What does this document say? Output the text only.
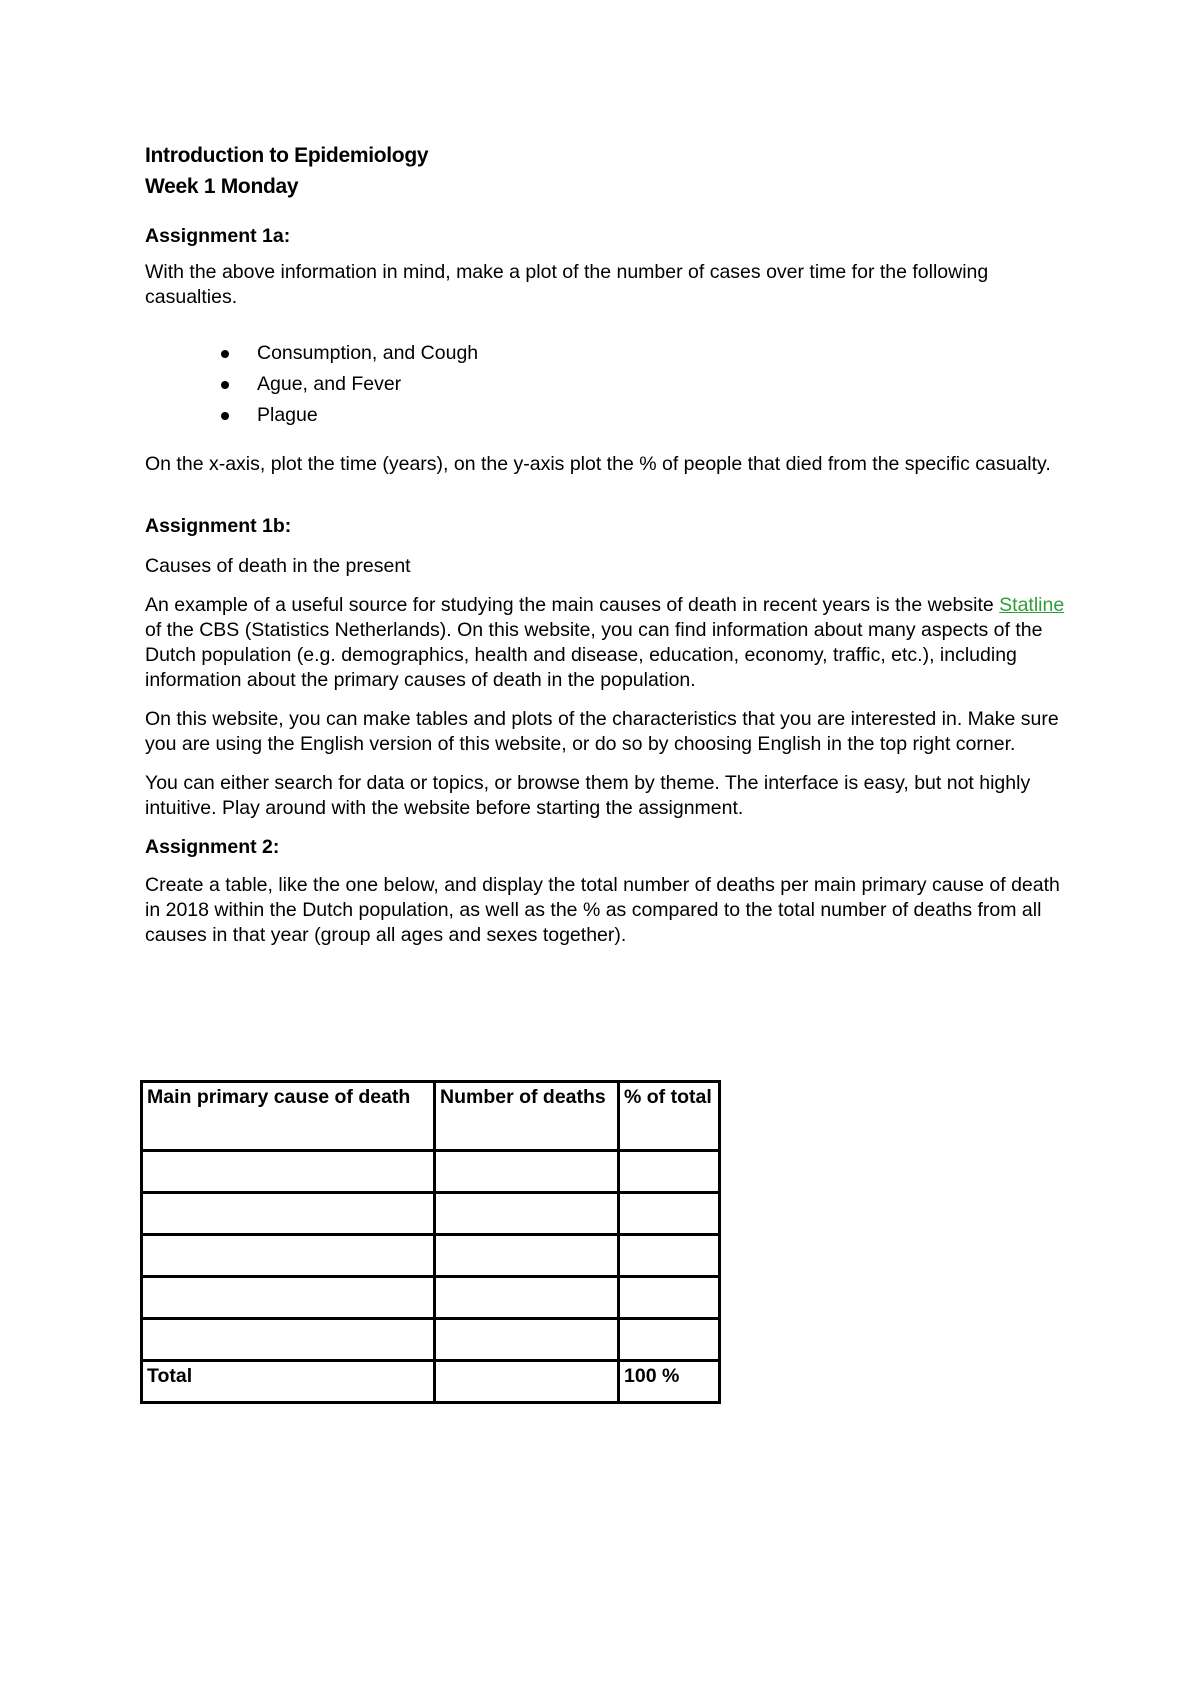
Introduction to Epidemiology
Week 1 Monday
Assignment 1a:

With the above information in mind, make a plot of the number of cases over time for the following casualties.

Consumption, and Cough
Ague, and Fever
Plague

On the x-axis, plot the time (years), on the y-axis plot the % of people that died from the specific casualty.

Assignment 1b:

Causes of death in the present

An example of a useful source for studying the main causes of death in recent years is the website Statline of the CBS (Statistics Netherlands). On this website, you can find information about many aspects of the Dutch population (e.g. demographics, health and disease, education, economy, traffic, etc.), including information about the primary causes of death in the population.

On this website, you can make tables and plots of the characteristics that you are interested in. Make sure you are using the English version of this website, or do so by choosing English in the top right corner.

You can either search for data or topics, or browse them by theme. The interface is easy, but not highly intuitive. Play around with the website before starting the assignment.

Assignment 2:

Create a table, like the one below, and display the total number of deaths per main primary cause of death in 2018 within the Dutch population, as well as the % as compared to the total number of deaths from all causes in that year (group all ages and sexes together).

Main primary cause of death	Number of deaths	% of total

Total		100 %
